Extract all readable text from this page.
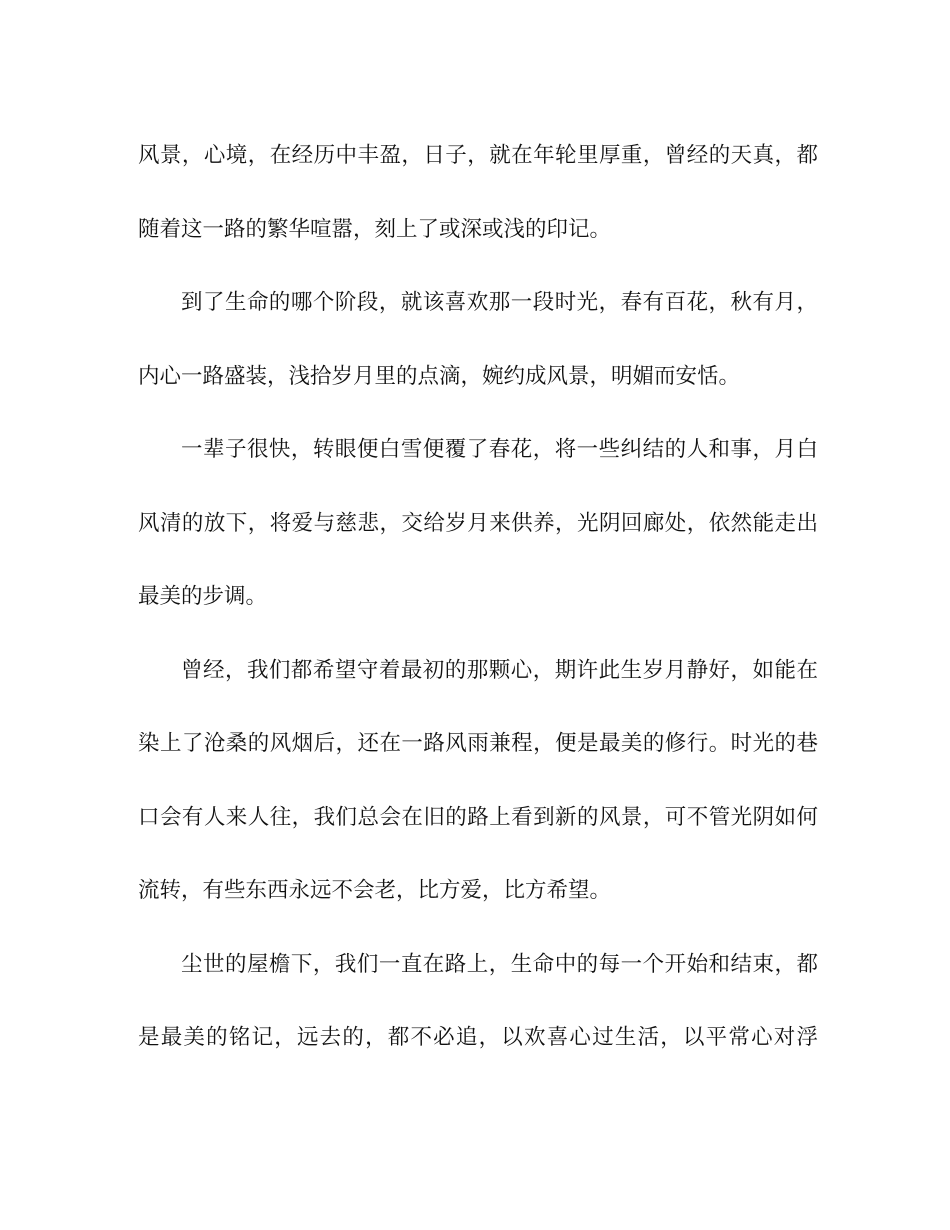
风景，心境，在经历中丰盈，日子，就在年轮里厚重，曾经的天真，都
随着这一路的繁华喧嚣，刻上了或深或浅的印记。
到了生命的哪个阶段，就该喜欢那一段时光，春有百花，秋有月，
内心一路盛装，浅拾岁月里的点滴，婉约成风景，明媚而安恬。
一辈子很快，转眼便白雪便覆了春花，将一些纠结的人和事，月白
风清的放下，将爱与慈悲，交给岁月来供养，光阴回廊处，依然能走出
最美的步调。
曾经，我们都希望守着最初的那颗心，期许此生岁月静好，如能在
染上了沧桑的风烟后，还在一路风雨兼程，便是最美的修行。时光的巷
口会有人来人往，我们总会在旧的路上看到新的风景，可不管光阴如何
流转，有些东西永远不会老，比方爱，比方希望。
尘世的屋檐下，我们一直在路上，生命中的每一个开始和结束，都
是最美的铭记，远去的，都不必追，以欢喜心过生活，以平常心对浮
